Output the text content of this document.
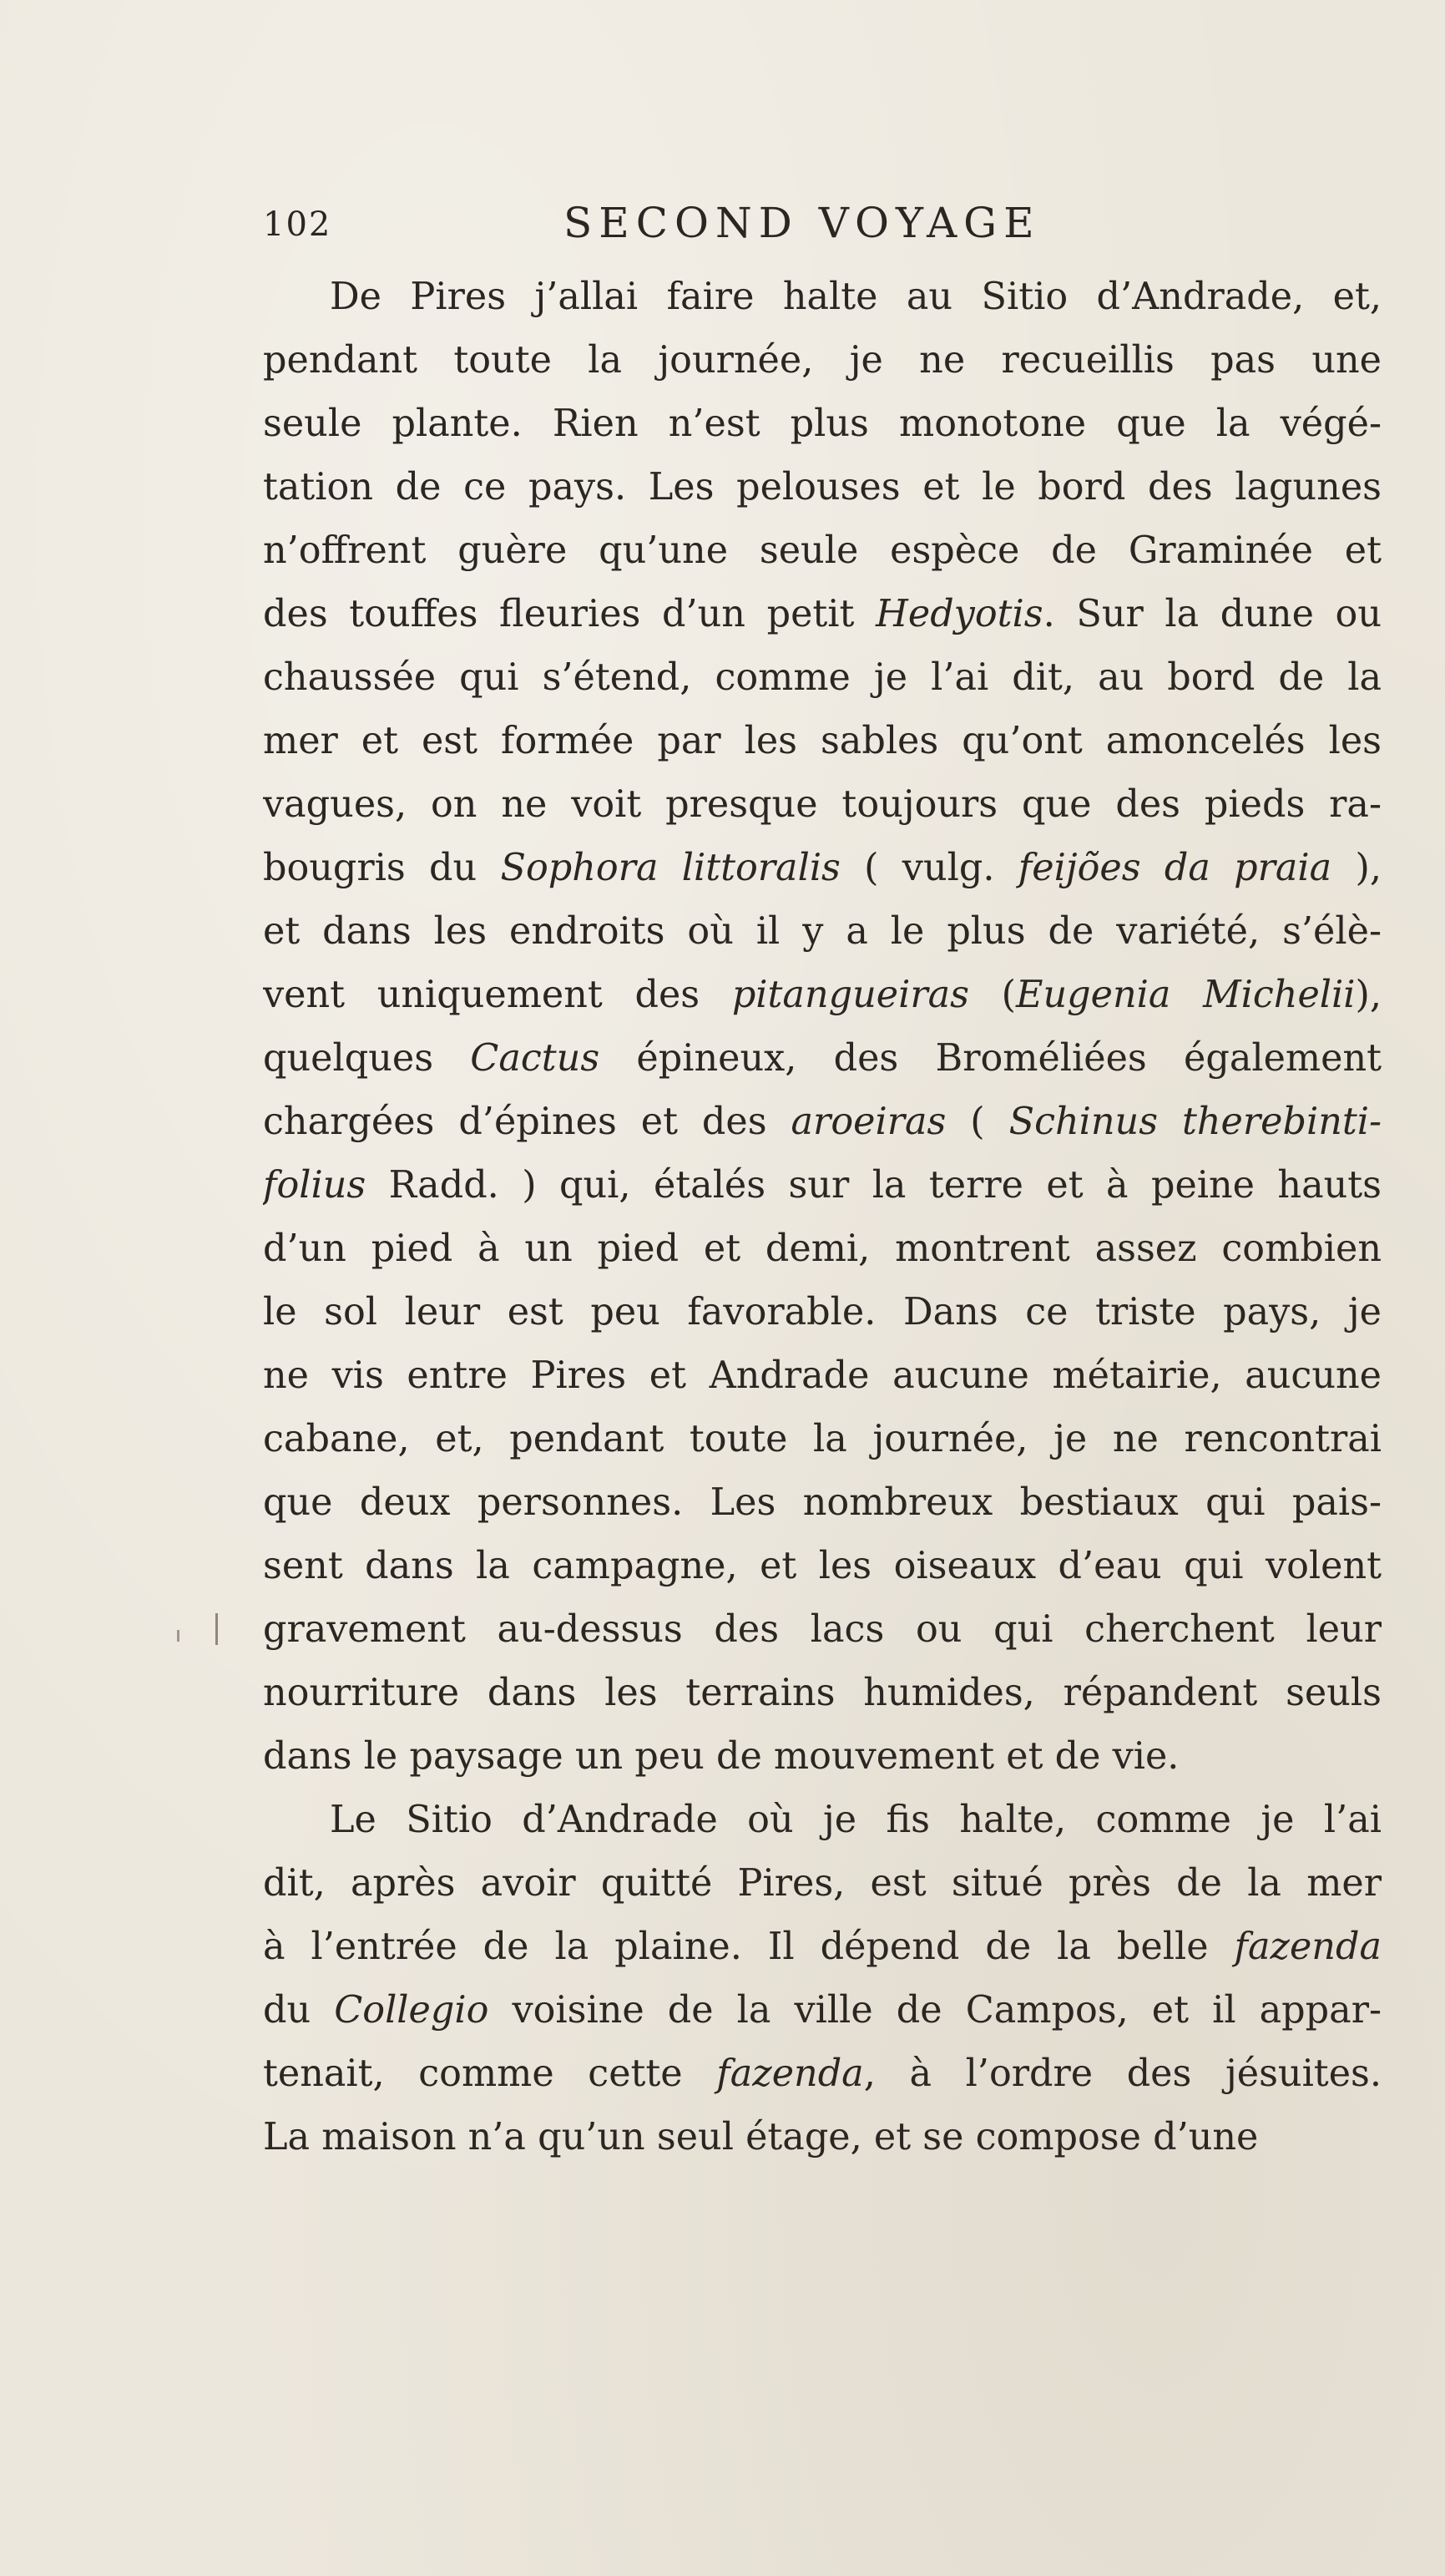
102	SECOND VOYAGE
De Pires j’allai faire halte au Sitio d’Andrade, et,
pendant toute la journée, je ne recueillis pas une
seule plante. Rien n’est plus monotone que la végé-
tation de ce pays. Les pelouses et le bord des lagunes
n’offrent guère qu’une seule espèce de Graminée et
des touffes fleuries d’un petit Hedyotis. Sur la dune ou
chaussée qui s’étend, comme je l’ai dit, au bord de la
mer et est formée par les sables qu’ont amoncelés les
vagues, on ne voit presque toujours que des pieds ra-
bougris du Sophora littoralis ( vulg. feijões da praia ),
et dans les endroits où il y a le plus de variété, s’élè-
vent uniquement des pitangueiras (Eugenia Michelii),
quelques Cactus épineux, des Broméliées également
chargées d’épines et des aroeiras ( Schinus therebinti-
folius Radd. ) qui, étalés sur la terre et à peine hauts
d’un pied à un pied et demi, montrent assez combien
le sol leur est peu favorable. Dans ce triste pays, je
ne vis entre Pires et Andrade aucune métairie, aucune
cabane, et, pendant toute la journée, je ne rencontrai
que deux personnes. Les nombreux bestiaux qui pais-
sent dans la campagne, et les oiseaux d’eau qui volent
gravement au-dessus des lacs ou qui cherchent leur
nourriture dans les terrains humides, répandent seuls
dans le paysage un peu de mouvement et de vie.
Le Sitio d’Andrade où je fis halte, comme je l’ai
dit, après avoir quitté Pires, est situé près de la mer
à l’entrée de la plaine. Il dépend de la belle fazenda
du Collegio voisine de la ville de Campos, et il appar-
tenait, comme cette fazenda, à l’ordre des jésuites.
La maison n’a qu’un seul étage, et se compose d’une
